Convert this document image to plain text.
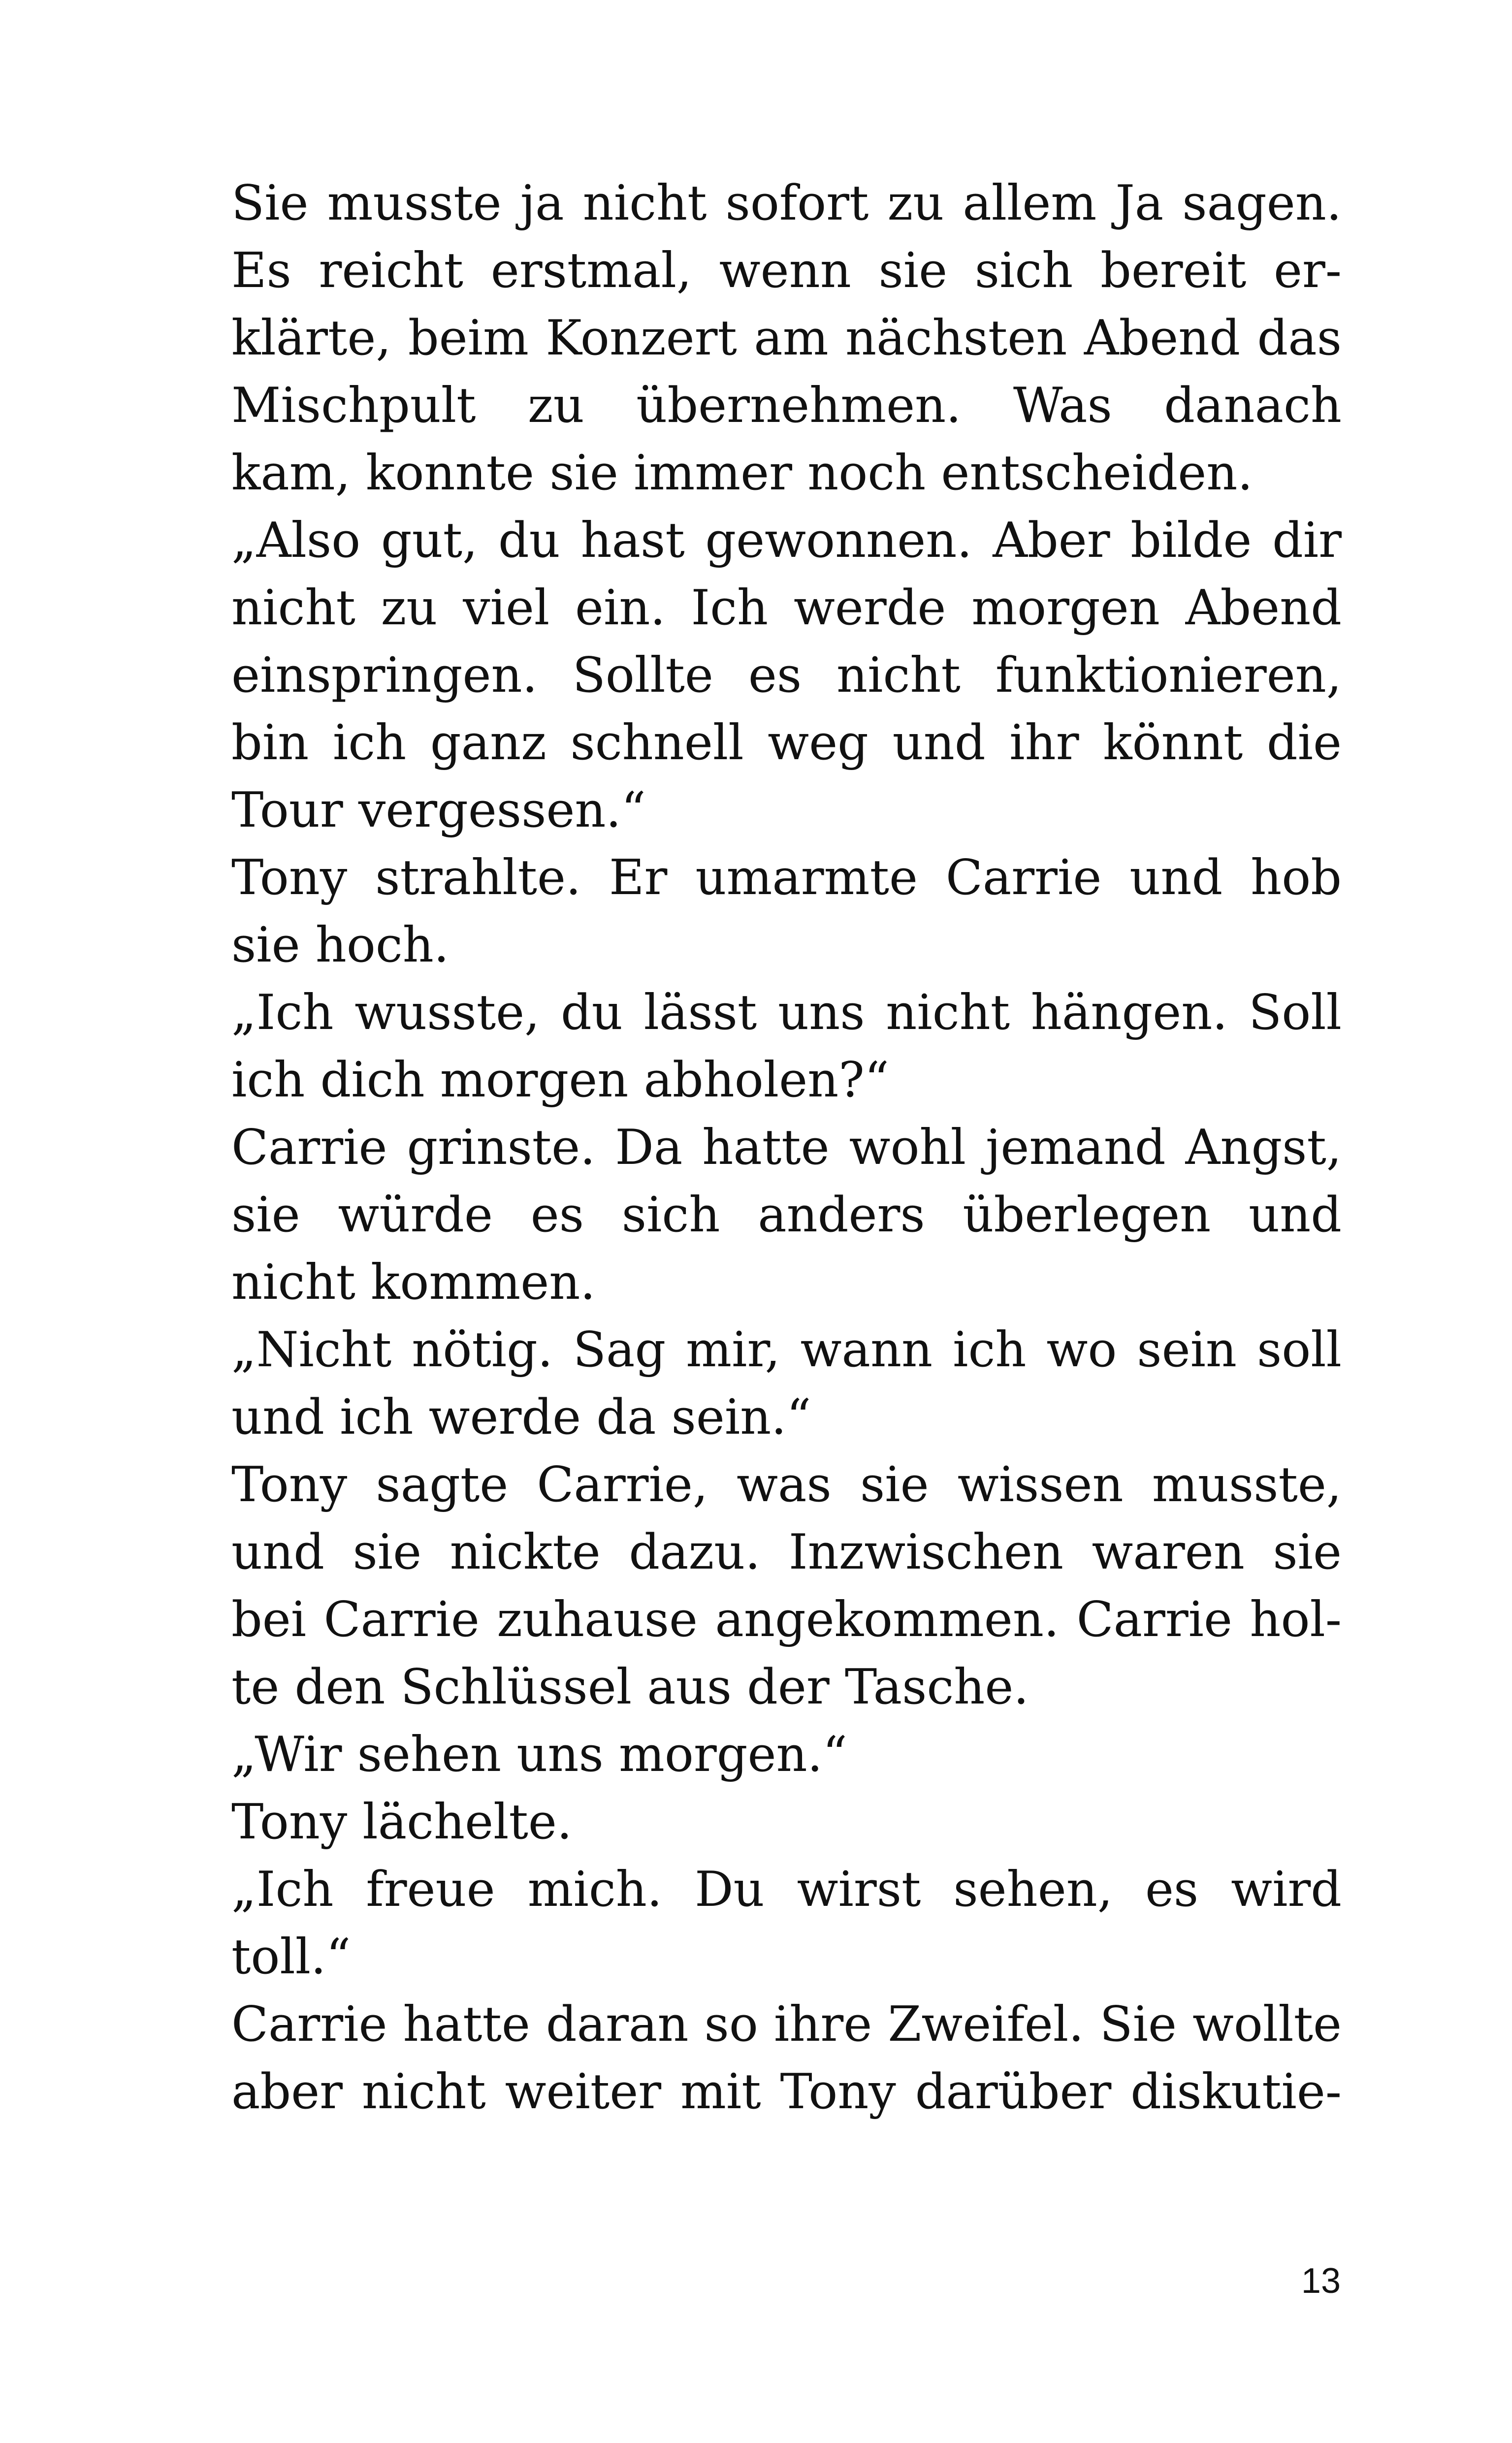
Sie musste ja nicht sofort zu allem Ja sagen.
Es reicht erstmal, wenn sie sich bereit er-
klärte, beim Konzert am nächsten Abend das
Mischpult zu übernehmen. Was danach
kam, konnte sie immer noch entscheiden.
„Also gut, du hast gewonnen. Aber bilde dir
nicht zu viel ein. Ich werde morgen Abend
einspringen. Sollte es nicht funktionieren,
bin ich ganz schnell weg und ihr könnt die
Tour vergessen.“
Tony strahlte. Er umarmte Carrie und hob
sie hoch.
„Ich wusste, du lässt uns nicht hängen. Soll
ich dich morgen abholen?“
Carrie grinste. Da hatte wohl jemand Angst,
sie würde es sich anders überlegen und
nicht kommen.
„Nicht nötig. Sag mir, wann ich wo sein soll
und ich werde da sein.“
Tony sagte Carrie, was sie wissen musste,
und sie nickte dazu. Inzwischen waren sie
bei Carrie zuhause angekommen. Carrie hol-
te den Schlüssel aus der Tasche.
„Wir sehen uns morgen.“
Tony lächelte.
„Ich freue mich. Du wirst sehen, es wird
toll.“
Carrie hatte daran so ihre Zweifel. Sie wollte
aber nicht weiter mit Tony darüber diskutie-
13
